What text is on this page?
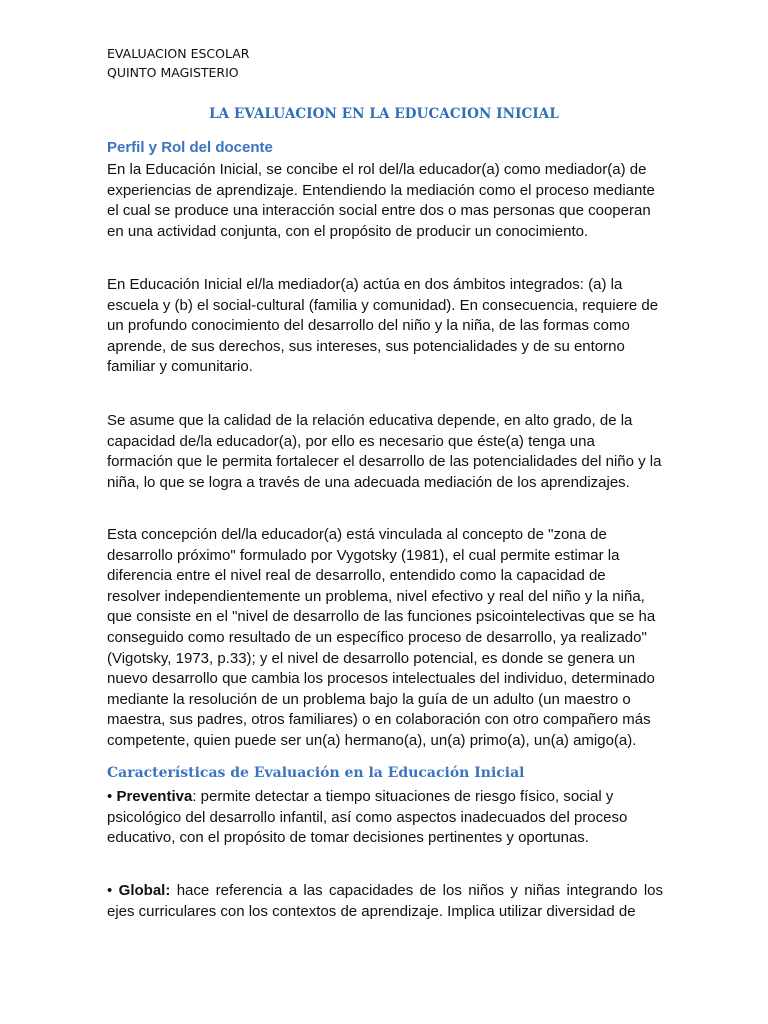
EVALUACION ESCOLAR
QUINTO MAGISTERIO
LA EVALUACION EN LA EDUCACION INICIAL
Perfil y Rol del docente

En la Educación Inicial, se concibe el rol del/la educador(a) como mediador(a) de experiencias de aprendizaje. Entendiendo la mediación como el proceso mediante el cual se produce una interacción social entre dos o mas personas que cooperan en una actividad conjunta, con el propósito de producir un conocimiento.

En Educación Inicial el/la mediador(a) actúa en dos ámbitos integrados: (a) la escuela y (b) el social-cultural (familia y comunidad). En consecuencia, requiere de un profundo conocimiento del desarrollo del niño y la niña, de las formas como aprende, de sus derechos, sus intereses, sus potencialidades y de su entorno familiar y comunitario.

Se asume que la calidad de la relación educativa depende, en alto grado, de la capacidad de/la educador(a), por ello es necesario que éste(a) tenga una formación que le permita fortalecer el desarrollo de las potencialidades del niño y la niña, lo que se logra a través de una adecuada mediación de los aprendizajes.

Esta concepción del/la educador(a) está vinculada al concepto de "zona de desarrollo próximo" formulado por Vygotsky (1981), el cual permite estimar la diferencia entre el nivel real de desarrollo, entendido como la capacidad de resolver independientemente un problema, nivel efectivo y real del niño y la niña, que consiste en el "nivel de desarrollo de las funciones psicointelectivas que se ha conseguido como resultado de un específico proceso de desarrollo, ya realizado" (Vigotsky, 1973, p.33); y el nivel de desarrollo potencial, es donde se genera un nuevo desarrollo que cambia los procesos intelectuales del individuo, determinado mediante la resolución de un problema bajo la guía de un adulto (un maestro o maestra, sus padres, otros familiares) o en colaboración con otro compañero más competente, quien puede ser un(a) hermano(a), un(a) primo(a), un(a) amigo(a).

Características de Evaluación en la Educación Inicial

• Preventiva: permite detectar a tiempo situaciones de riesgo físico, social y psicológico del desarrollo infantil, así como aspectos inadecuados del proceso educativo, con el propósito de tomar decisiones pertinentes y oportunas.

• Global: hace referencia a las capacidades de los niños y niñas integrando los ejes curriculares con los contextos de aprendizaje. Implica utilizar diversidad de
